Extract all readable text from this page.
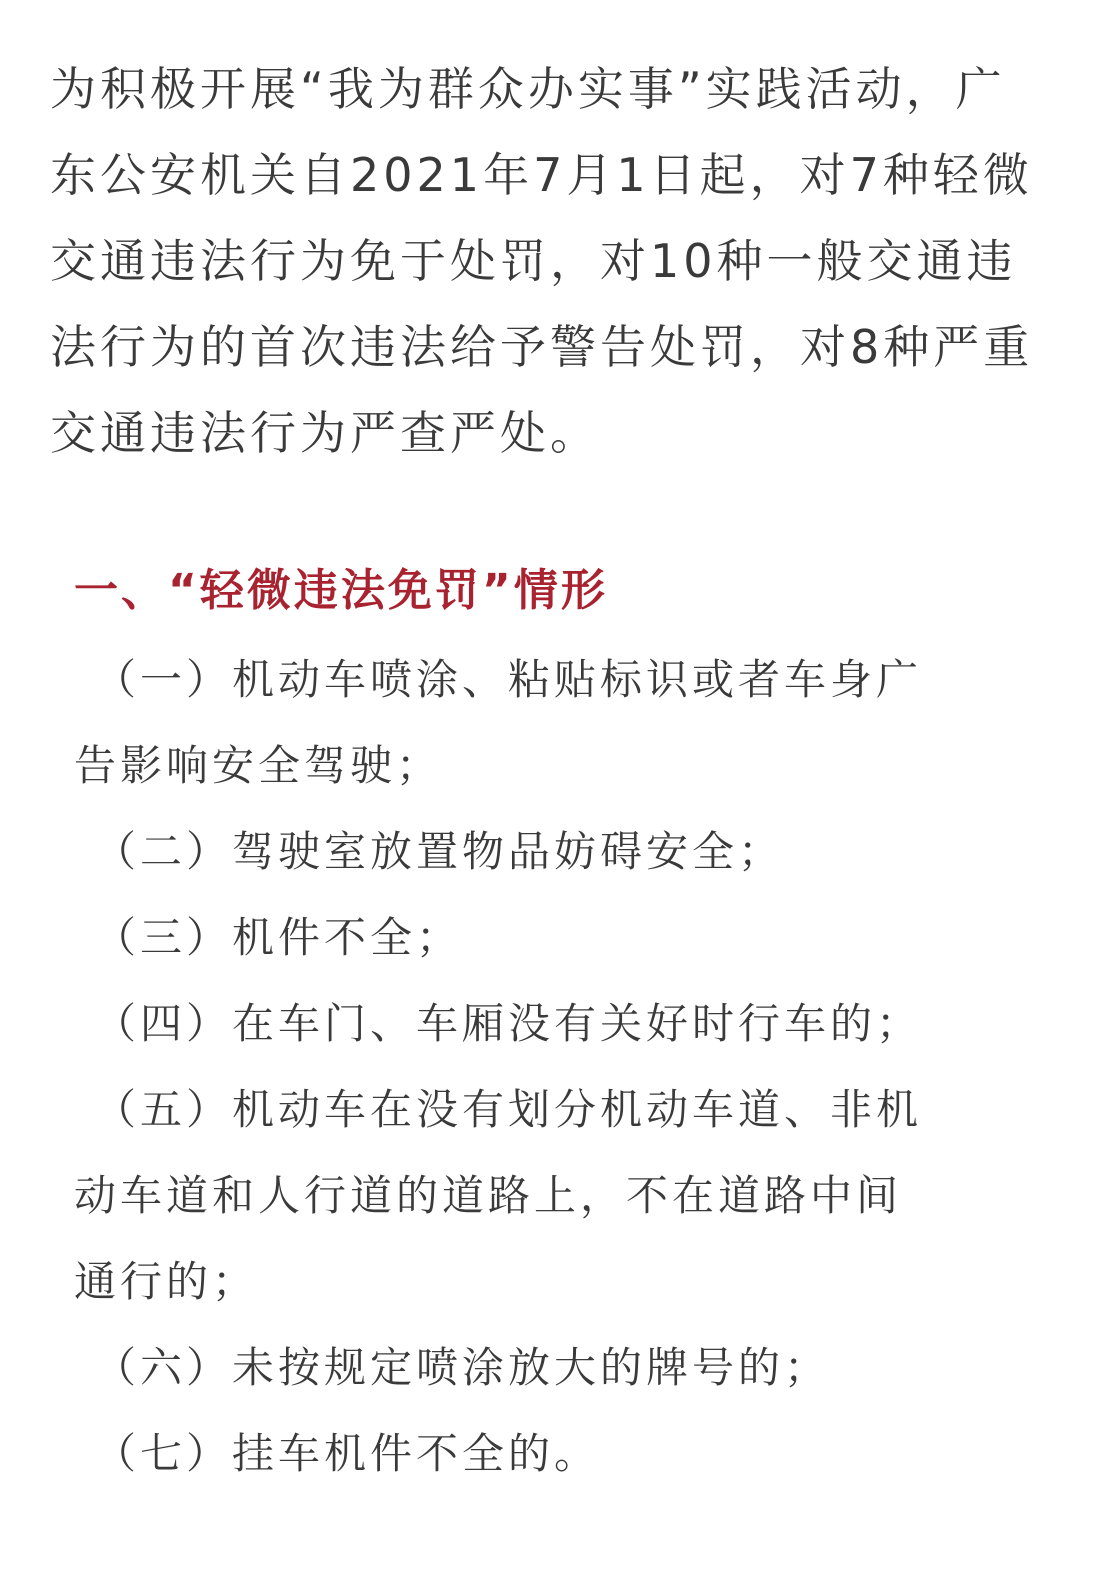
为积极开展“我为群众办实事”实践活动，广
东公安机关自2021年7月1日起，对7种轻微
交通违法行为免于处罚，对10种一般交通违
法行为的首次违法给予警告处罚，对8种严重
交通违法行为严查严处。

一、“轻微违法免罚”情形
（一）机动车喷涂、粘贴标识或者车身广
告影响安全驾驶；
（二）驾驶室放置物品妨碍安全；
（三）机件不全；
（四）在车门、车厢没有关好时行车的；
（五）机动车在没有划分机动车道、非机
动车道和人行道的道路上，不在道路中间
通行的；
（六）未按规定喷涂放大的牌号的；
（七）挂车机件不全的。
